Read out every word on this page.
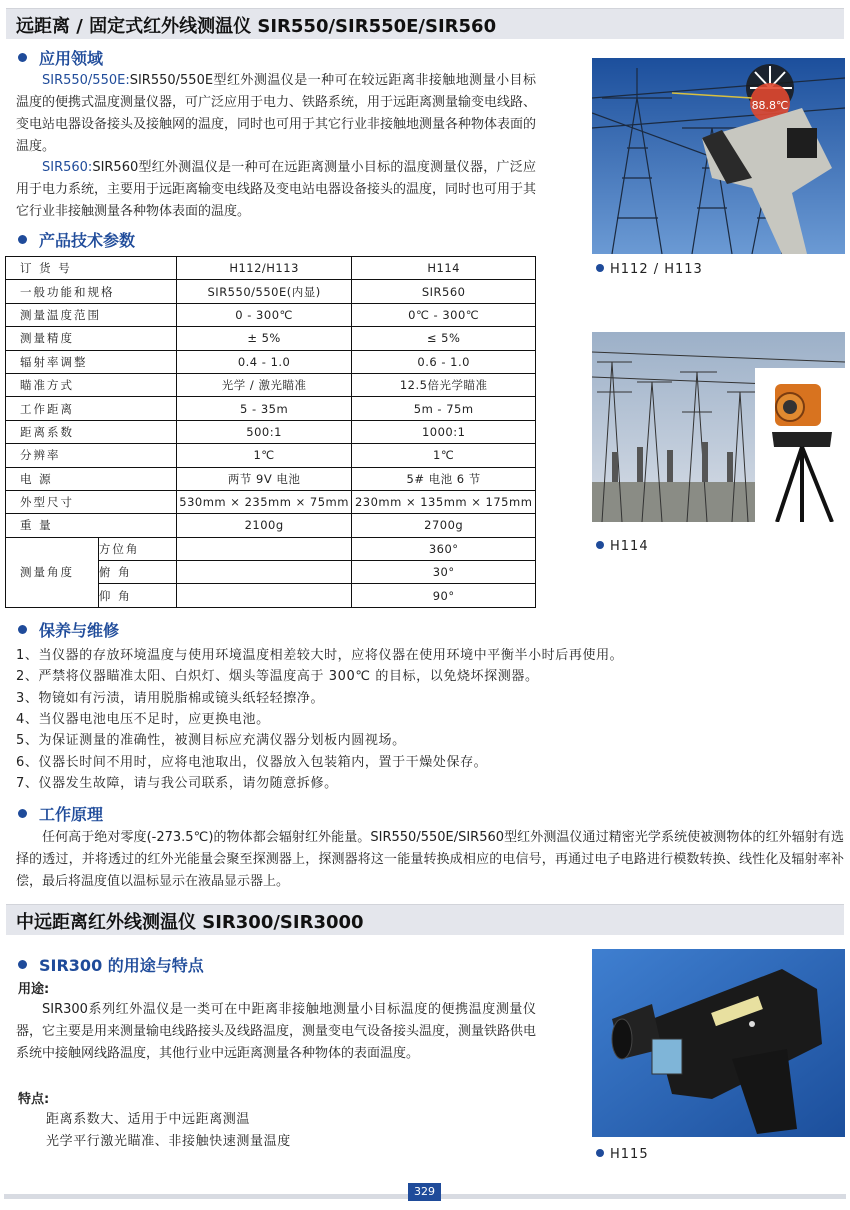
远距离 / 固定式红外线测温仪 SIR550/SIR550E/SIR560
应用领域
SIR550/550E:SIR550/550E型红外测温仪是一种可在较远距离非接触地测量小目标温度的便携式温度测量仪器，可广泛应用于电力、铁路系统，用于远距离测量输变电线路、变电站电器设备接头及接触网的温度，同时也可用于其它行业非接触地测量各种物体表面的温度。
SIR560:SIR560型红外测温仪是一种可在远距离测量小目标的温度测量仪器，广泛应用于电力系统，主要用于远距离输变电线路及变电站电器设备接头的温度，同时也可用于其它行业非接触测量各种物体表面的温度。
产品技术参数
订 货 号		H112/H113	H114
一般功能和规格		SIR550/550E(内显)	SIR560
测量温度范围		0 - 300℃	0℃ - 300℃
测量精度		± 5%	≤ 5%
辐射率调整		0.4 - 1.0	0.6 - 1.0
瞄准方式		光学 / 激光瞄准	12.5倍光学瞄准
工作距离		5 - 35m	5m - 75m
距离系数		500:1	1000:1
分辨率		1℃	1℃
电 源		两节 9V 电池	5# 电池 6 节
外型尺寸		530mm × 235mm × 75mm	230mm × 135mm × 175mm
重 量		2100g	2700g
测量角度	方位角		360°
	俯 角		30°
	仰 角		90°
88.8℃
H112 / H113
H114
保养与维修
1、当仪器的存放环境温度与使用环境温度相差较大时，应将仪器在使用环境中平衡半小时后再使用。
2、严禁将仪器瞄准太阳、白炽灯、烟头等温度高于 300℃ 的目标，以免烧坏探测器。
3、物镜如有污渍，请用脱脂棉或镜头纸轻轻擦净。
4、当仪器电池电压不足时，应更换电池。
5、为保证测量的准确性，被测目标应充满仪器分划板内圆视场。
6、仪器长时间不用时，应将电池取出，仪器放入包装箱内，置于干燥处保存。
7、仪器发生故障，请与我公司联系，请勿随意拆修。
工作原理
任何高于绝对零度(-273.5℃)的物体都会辐射红外能量。SIR550/550E/SIR560型红外测温仪通过精密光学系统使被测物体的红外辐射有选择的透过，并将透过的红外光能量会聚至探测器上，探测器将这一能量转换成相应的电信号，再通过电子电路进行模数转换、线性化及辐射率补偿，最后将温度值以温标显示在液晶显示器上。
中远距离红外线测温仪 SIR300/SIR3000
SIR300 的用途与特点
用途:
SIR300系列红外温仪是一类可在中距离非接触地测量小目标温度的便携温度测量仪器，它主要是用来测量输电线路接头及线路温度，测量变电气设备接头温度，测量铁路供电系统中接触网线路温度，其他行业中远距离测量各种物体的表面温度。
特点:
距离系数大、适用于中远距离测温
光学平行激光瞄准、非接触快速测量温度
H115
329
